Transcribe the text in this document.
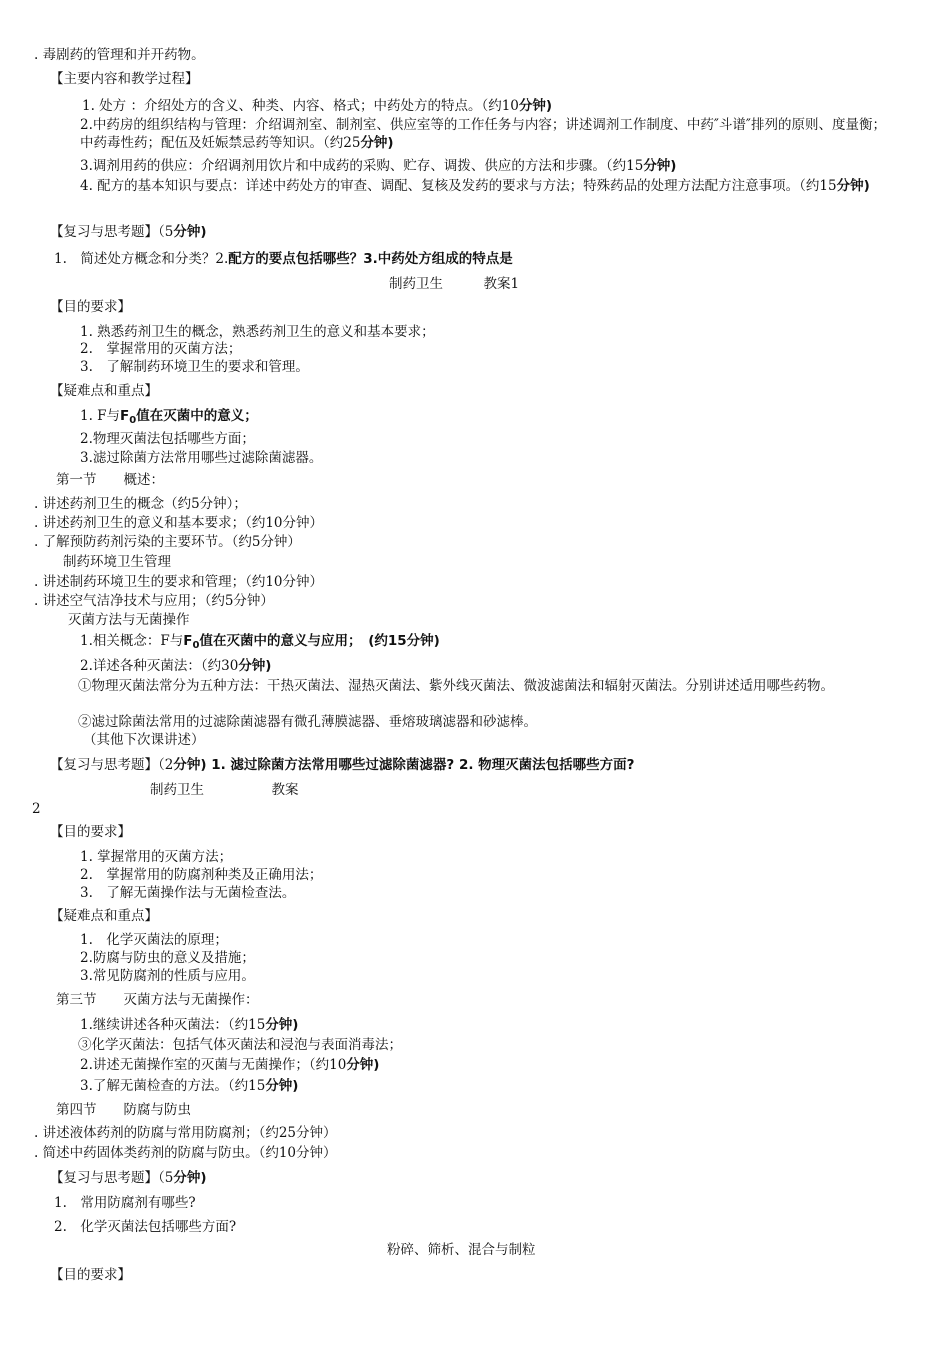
. 毒剧药的管理和并开药物。
【主要内容和教学过程】
1. 处方 ：介绍处方的含义、种类、内容、格式；中药处方的特点。（约10分钟)
2.中药房的组织结构与管理：介绍调剂室、制剂室、供应室等的工作任务与内容；讲述调剂工作制度、中药″斗谱″排列的原则、度量衡；中药毒性药；配伍及妊娠禁忌药等知识。（约25分钟)
3.调剂用药的供应：介绍调剂用饮片和中成药的采购、贮存、调拨、供应的方法和步骤。（约15分钟)
4. 配方的基本知识与要点：详述中药处方的审查、调配、复核及发药的要求与方法；特殊药品的处理方法配方注意事项。（约15分钟)
【复习与思考题】（5分钟)
1.　简述处方概念和分类？2.配方的要点包括哪些？3.中药处方组成的特点是
制药卫生　　　教案1
【目的要求】
1. 熟悉药剂卫生的概念，熟悉药剂卫生的意义和基本要求；
2.　掌握常用的灭菌方法；
3.　了解制药环境卫生的要求和管理。
【疑难点和重点】
1. F与$F_0$值在灭菌中的意义；
2.物理灭菌法包括哪些方面；
3.滤过除菌方法常用哪些过滤除菌滤器。
第一节　　概述：
. 讲述药剂卫生的概念（约5分钟）；
. 讲述药剂卫生的意义和基本要求；（约10分钟）
. 了解预防药剂污染的主要环节。（约5分钟）
制药环境卫生管理
. 讲述制药环境卫生的要求和管理；（约10分钟）
. 讲述空气洁净技术与应用；（约5分钟）
灭菌方法与无菌操作
1.相关概念：F与$F_0$值在灭菌中的意义与应用；　(约15分钟)
2.详述各种灭菌法：（约30分钟)
①物理灭菌法常分为五种方法：干热灭菌法、湿热灭菌法、紫外线灭菌法、微波滤菌法和辐射灭菌法。分别讲述适用哪些药物。
②滤过除菌法常用的过滤除菌滤器有微孔薄膜滤器、垂熔玻璃滤器和砂滤棒。
（其他下次课讲述）
【复习与思考题】（2分钟) 1. 滤过除菌方法常用哪些过滤除菌滤器? 2. 物理灭菌法包括哪些方面?
制药卫生　　　　　教案
2
【目的要求】
1. 掌握常用的灭菌方法；
2.　掌握常用的防腐剂种类及正确用法；
3.　了解无菌操作法与无菌检查法。
【疑难点和重点】
1.　化学灭菌法的原理；
2.防腐与防虫的意义及措施；
3.常见防腐剂的性质与应用。
第三节　　灭菌方法与无菌操作：
1.继续讲述各种灭菌法：（约15分钟)
③化学灭菌法：包括气体灭菌法和浸泡与表面消毒法；
2.讲述无菌操作室的灭菌与无菌操作；（约10分钟)
3.了解无菌检查的方法。（约15分钟)
第四节　　防腐与防虫
. 讲述液体药剂的防腐与常用防腐剂；（约25分钟）
. 简述中药固体类药剂的防腐与防虫。（约10分钟）
【复习与思考题】（5分钟)
1.　常用防腐剂有哪些?
2.　化学灭菌法包括哪些方面?
粉碎、筛析、混合与制粒
【目的要求】
